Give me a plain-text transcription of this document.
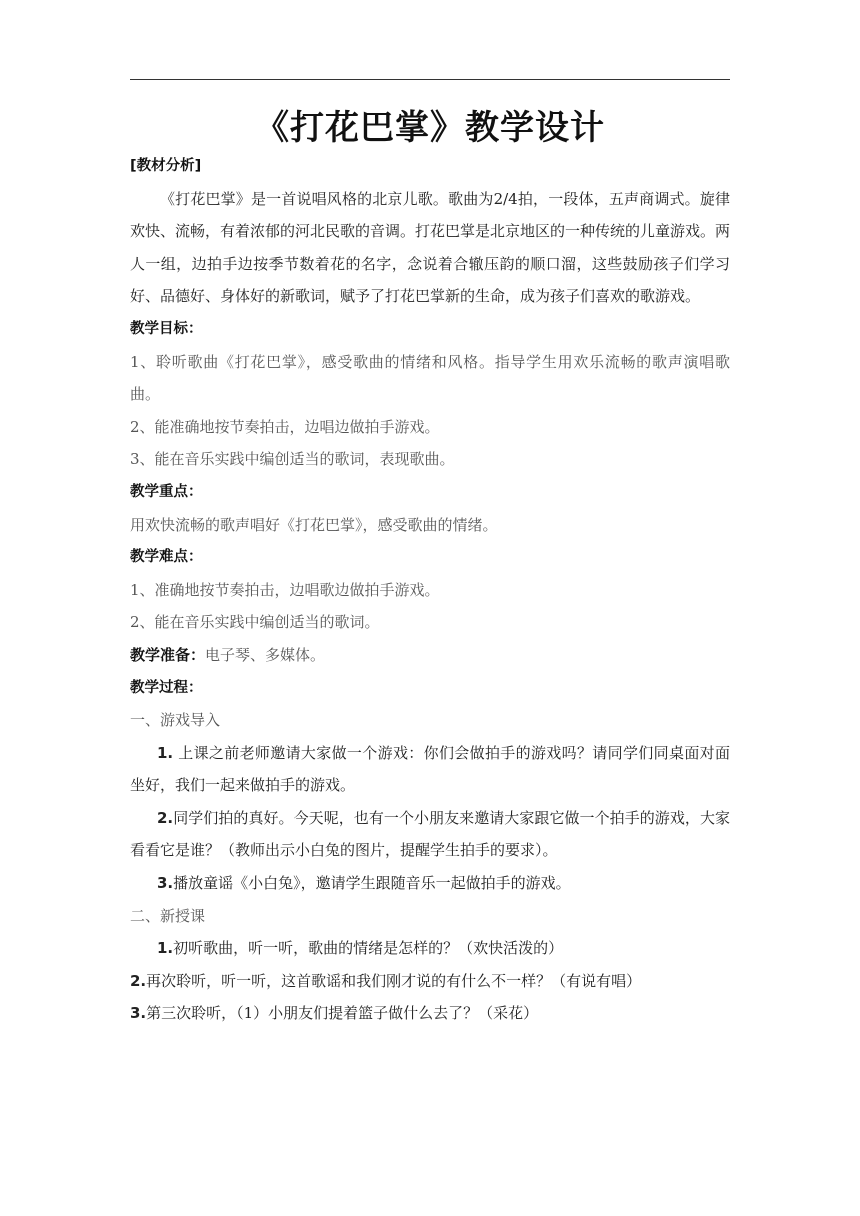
《打花巴掌》教学设计
[教材分析]
《打花巴掌》是一首说唱风格的北京儿歌。歌曲为2/4拍，一段体，五声商调式。旋律欢快、流畅，有着浓郁的河北民歌的音调。打花巴掌是北京地区的一种传统的儿童游戏。两人一组，边拍手边按季节数着花的名字，念说着合辙压韵的顺口溜，这些鼓励孩子们学习好、品德好、身体好的新歌词，赋予了打花巴掌新的生命，成为孩子们喜欢的歌游戏。
教学目标：
1、聆听歌曲《打花巴掌》，感受歌曲的情绪和风格。指导学生用欢乐流畅的歌声演唱歌曲。
2、能准确地按节奏拍击，边唱边做拍手游戏。
3、能在音乐实践中编创适当的歌词，表现歌曲。
教学重点：
用欢快流畅的歌声唱好《打花巴掌》，感受歌曲的情绪。
教学难点：
1、准确地按节奏拍击，边唱歌边做拍手游戏。
2、能在音乐实践中编创适当的歌词。
教学准备：电子琴、多媒体。
教学过程：
一、游戏导入
1. 上课之前老师邀请大家做一个游戏：你们会做拍手的游戏吗？请同学们同桌面对面坐好，我们一起来做拍手的游戏。
2.同学们拍的真好。今天呢，也有一个小朋友来邀请大家跟它做一个拍手的游戏，大家看看它是谁？（教师出示小白兔的图片，提醒学生拍手的要求）。
3.播放童谣《小白兔》，邀请学生跟随音乐一起做拍手的游戏。
二、新授课
1.初听歌曲，听一听，歌曲的情绪是怎样的？（欢快活泼的）
2.再次聆听，听一听，这首歌谣和我们刚才说的有什么不一样？（有说有唱）
3.第三次聆听，（1）小朋友们提着篮子做什么去了？（采花）
